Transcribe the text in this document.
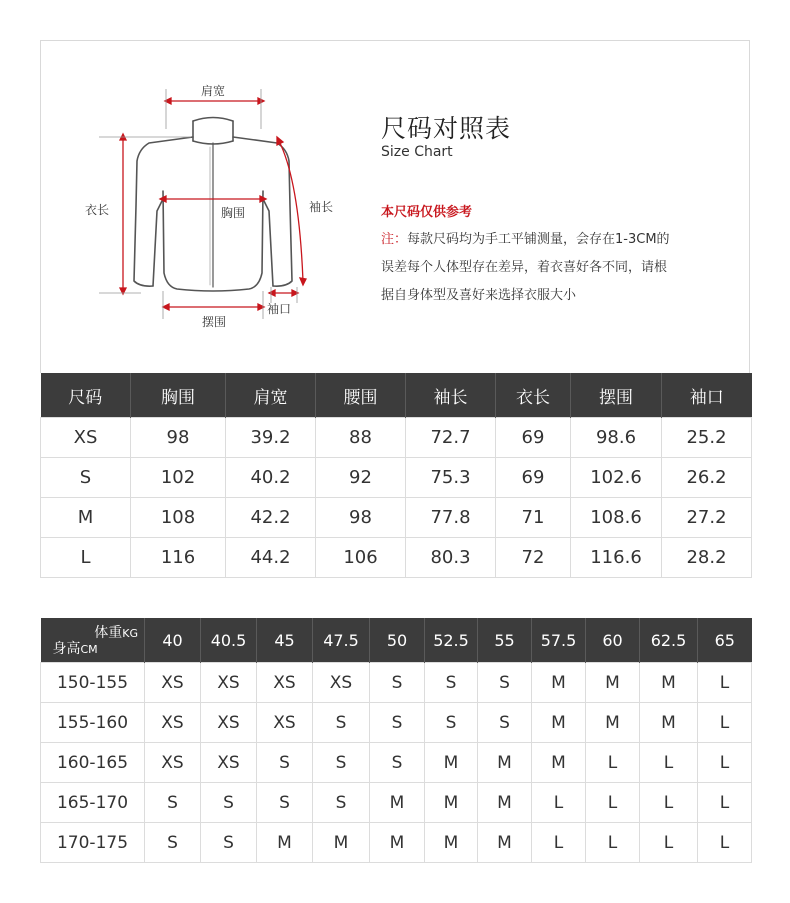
肩宽
衣长	胸围	袖长
摆围
袖口
尺码对照表
Size Chart
本尺码仅供参考
注：每款尺码均为手工平铺测量，会存在1-3CM的
误差每个人体型存在差异，着衣喜好各不同，请根
据自身体型及喜好来选择衣服大小
尺码	胸围	肩宽	腰围	袖长	衣长	摆围	袖口
XS	98	39.2	88	72.7	69	98.6	25.2
S	102	40.2	92	75.3	69	102.6	26.2
M	108	42.2	98	77.8	71	108.6	27.2
L	116	44.2	106	80.3	72	116.6	28.2
体重KG
身高CM	40	40.5	45	47.5	50	52.5	55	57.5	60	62.5	65
150-155	XS	XS	XS	XS	S	S	S	M	M	M	L
155-160	XS	XS	XS	S	S	S	S	M	M	M	L
160-165	XS	XS	S	S	S	M	M	M	L	L	L
165-170	S	S	S	S	M	M	M	L	L	L	L
170-175	S	S	M	M	M	M	M	L	L	L	L
